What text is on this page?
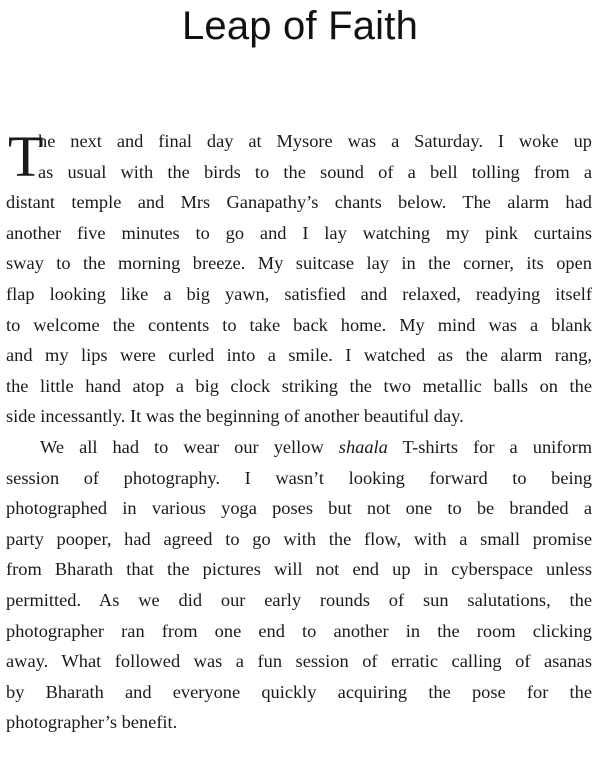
Leap of Faith
T
he next and final day at Mysore was a Saturday. I woke up
as usual with the birds to the sound of a bell tolling from a
distant temple and Mrs Ganapathy’s chants below. The alarm had
another five minutes to go and I lay watching my pink curtains
sway to the morning breeze. My suitcase lay in the corner, its open
flap looking like a big yawn, satisfied and relaxed, readying itself
to welcome the contents to take back home. My mind was a blank
and my lips were curled into a smile. I watched as the alarm rang,
the little hand atop a big clock striking the two metallic balls on the
side incessantly. It was the beginning of another beautiful day.
We all had to wear our yellow shaala T-shirts for a uniform
session of photography. I wasn’t looking forward to being
photographed in various yoga poses but not one to be branded a
party pooper, had agreed to go with the flow, with a small promise
from Bharath that the pictures will not end up in cyberspace unless
permitted. As we did our early rounds of sun salutations, the
photographer ran from one end to another in the room clicking
away. What followed was a fun session of erratic calling of asanas
by Bharath and everyone quickly acquiring the pose for the
photographer’s benefit.
